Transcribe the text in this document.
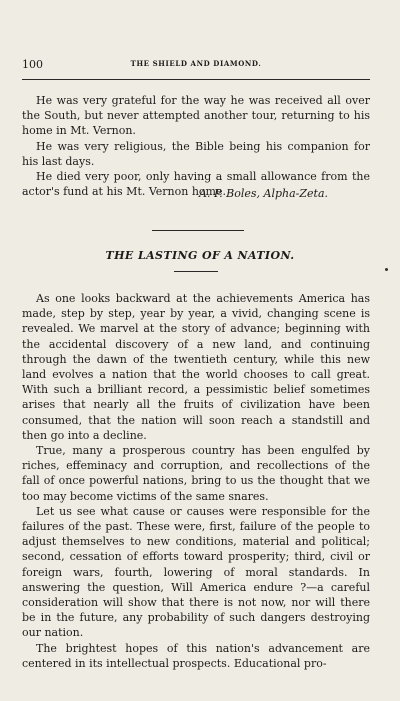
100	THE SHIELD AND DIAMOND.

He was very grateful for the way he was received all over the South, but never attempted another tour, returning to his home in Mt. Vernon.

He was very religious, the Bible being his companion for his last days.

He died very poor, only having a small allowance from the actor's fund at his Mt. Vernon home.

A. P. Boles, Alpha-Zeta.
THE LASTING OF A NATION.

As one looks backward at the achievements America has made, step by step, year by year, a vivid, changing scene is revealed. We marvel at the story of advance; beginning with the accidental discovery of a new land, and continuing through the dawn of the twentieth century, while this new land evolves a nation that the world chooses to call great. With such a brilliant record, a pessimistic belief sometimes arises that nearly all the fruits of civilization have been consumed, that the nation will soon reach a standstill and then go into a decline.

True, many a prosperous country has been engulfed by riches, effeminacy and corruption, and recollections of the fall of once powerful nations, bring to us the thought that we too may become victims of the same snares.

Let us see what cause or causes were responsible for the failures of the past. These were, first, failure of the people to adjust themselves to new conditions, material and political; second, cessation of efforts toward prosperity; third, civil or foreign wars, fourth, lowering of moral standards. In answering the question, Will America endure ?—a careful consideration will show that there is not now, nor will there be in the future, any probability of such dangers destroying our nation.

The brightest hopes of this nation's advancement are centered in its intellectual prospects. Educational pro-
